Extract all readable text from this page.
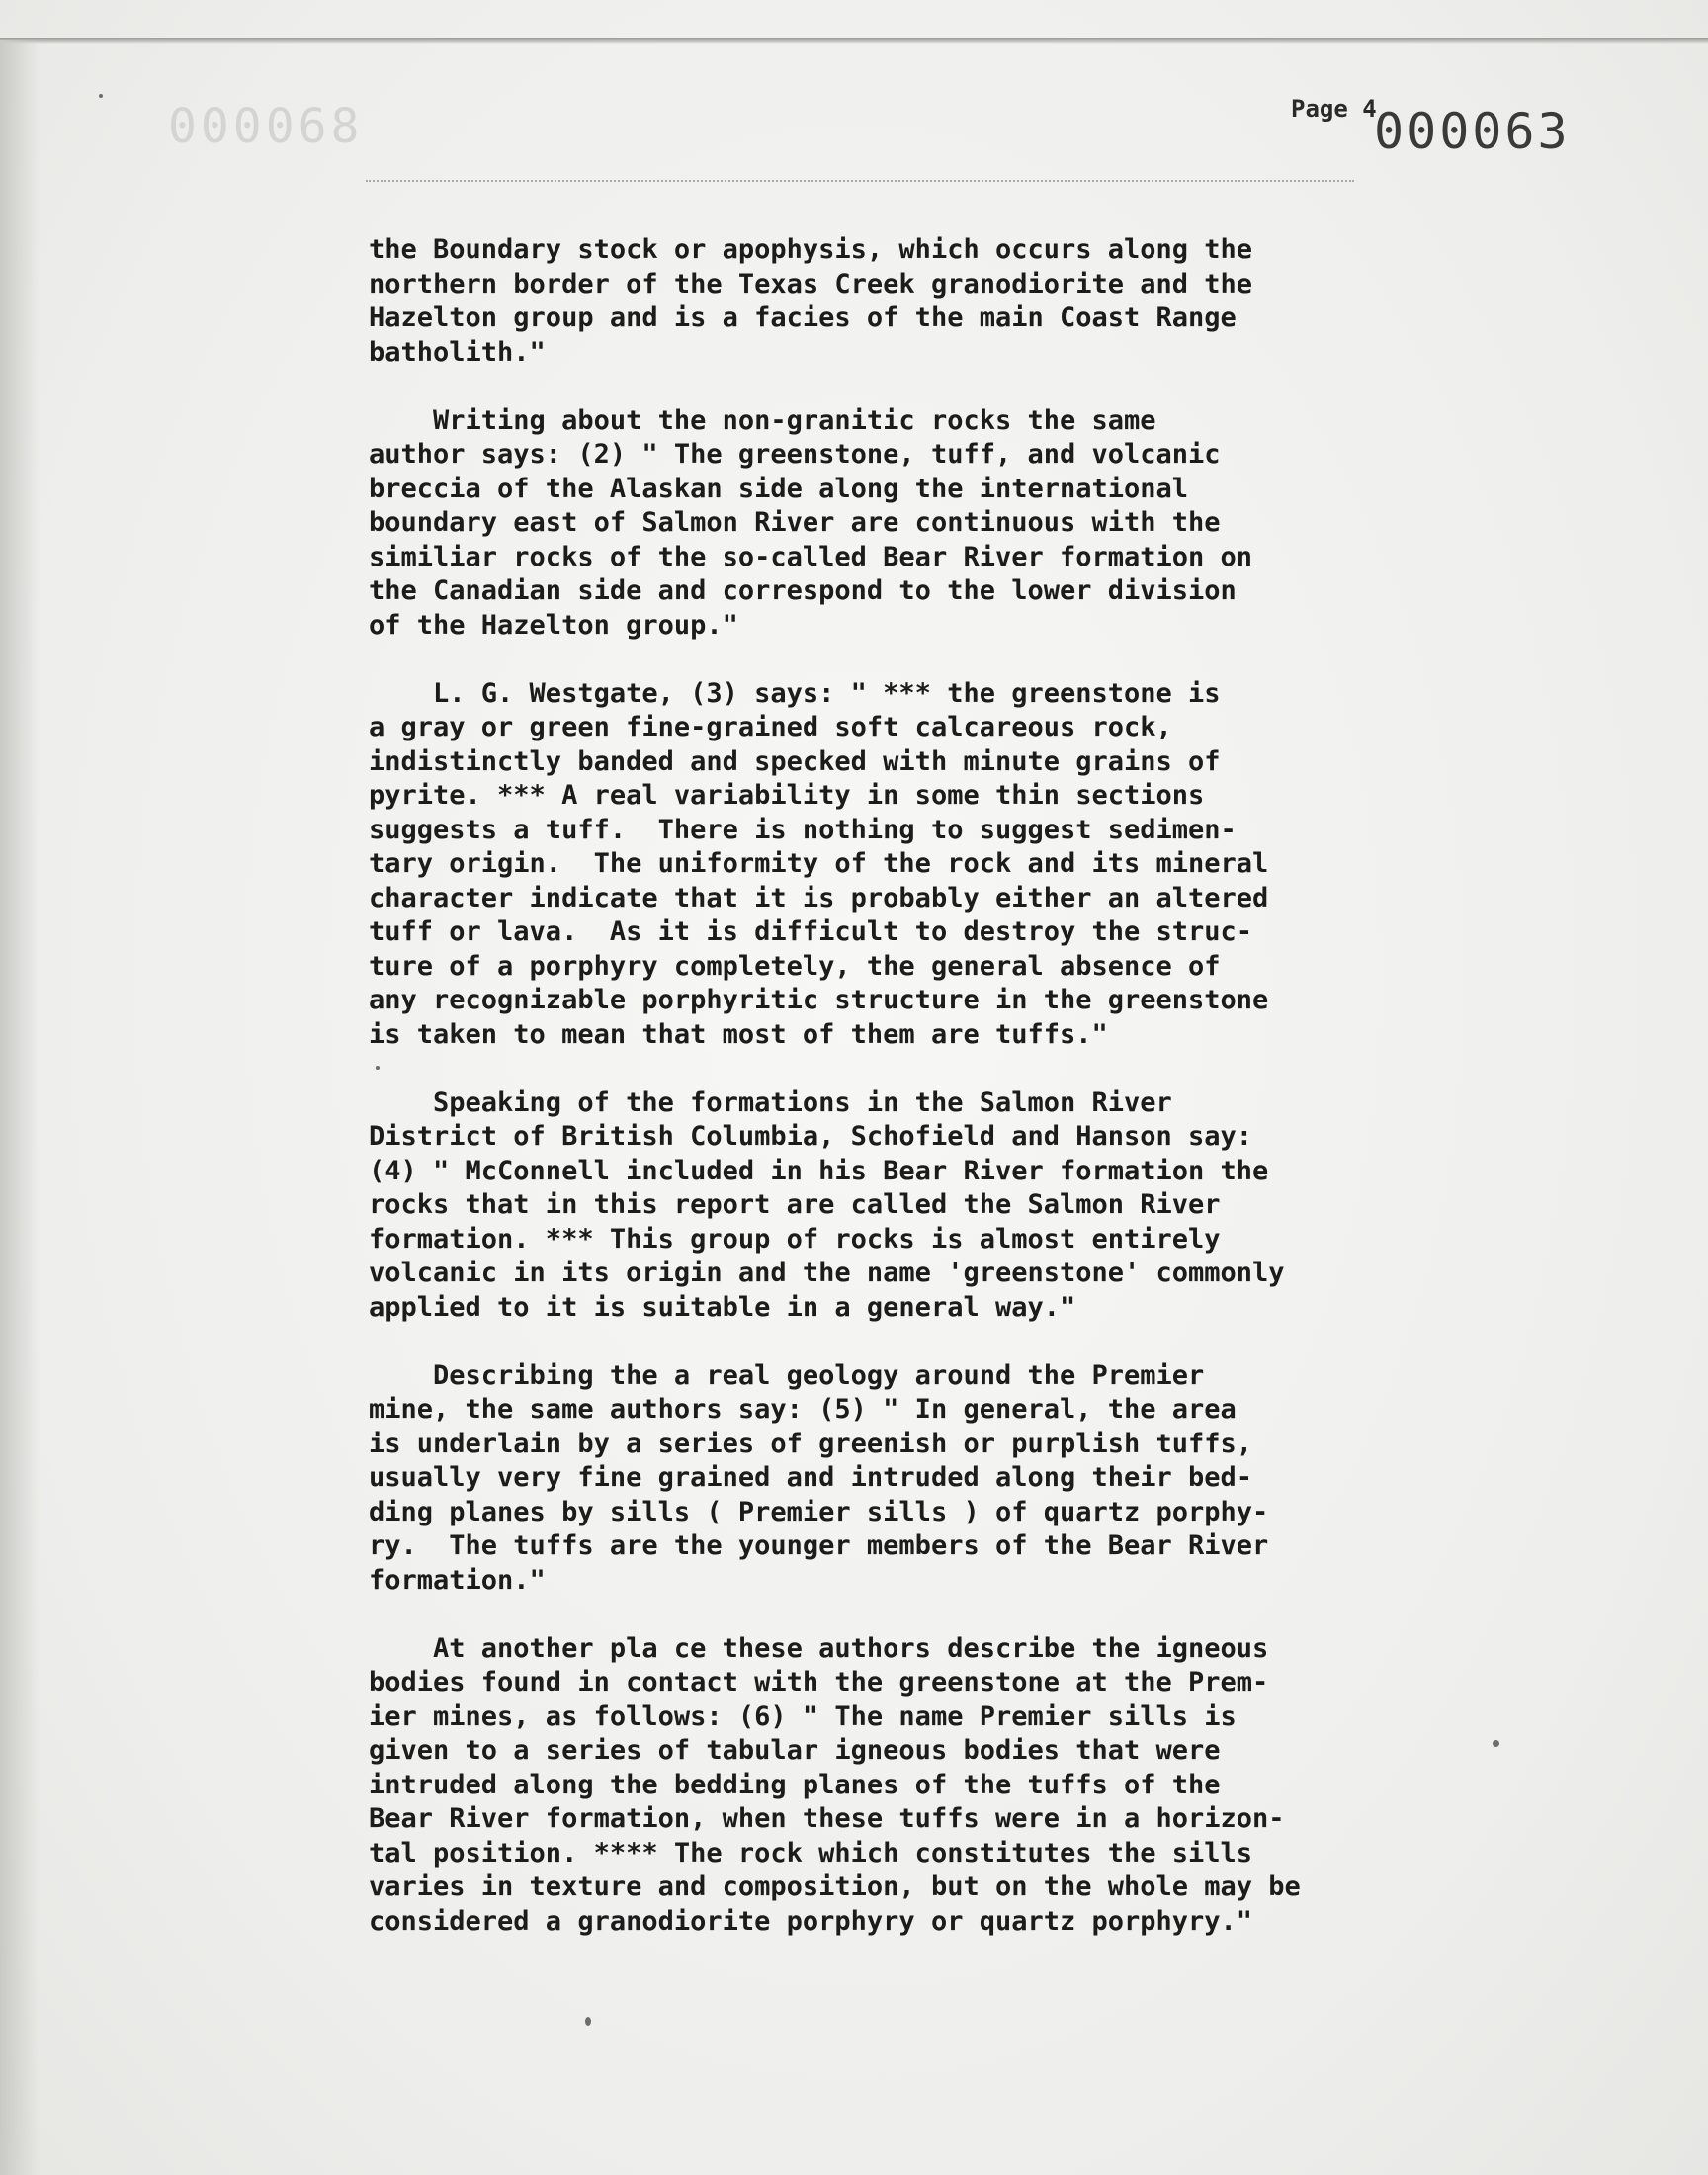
000068	Page 4
000063

the Boundary stock or apophysis, which occurs along the
northern border of the Texas Creek granodiorite and the
Hazelton group and is a facies of the main Coast Range
batholith."

Writing about the non-granitic rocks the same
author says: (2) " The greenstone, tuff, and volcanic
breccia of the Alaskan side along the international
boundary east of Salmon River are continuous with the
similiar rocks of the so-called Bear River formation on
the Canadian side and correspond to the lower division
of the Hazelton group."

L. G. Westgate, (3) says: " *** the greenstone is
a gray or green fine-grained soft calcareous rock,
indistinctly banded and specked with minute grains of
pyrite. *** A real variability in some thin sections
suggests a tuff.  There is nothing to suggest sedimen-
tary origin.  The uniformity of the rock and its mineral
character indicate that it is probably either an altered
tuff or lava.  As it is difficult to destroy the struc-
ture of a porphyry completely, the general absence of
any recognizable porphyritic structure in the greenstone
is taken to mean that most of them are tuffs."

Speaking of the formations in the Salmon River
District of British Columbia, Schofield and Hanson say:
(4) " McConnell included in his Bear River formation the
rocks that in this report are called the Salmon River
formation. *** This group of rocks is almost entirely
volcanic in its origin and the name 'greenstone' commonly
applied to it is suitable in a general way."

Describing the a real geology around the Premier
mine, the same authors say: (5) " In general, the area
is underlain by a series of greenish or purplish tuffs,
usually very fine grained and intruded along their bed-
ding planes by sills ( Premier sills ) of quartz porphy-
ry.  The tuffs are the younger members of the Bear River
formation."

At another pla ce these authors describe the igneous
bodies found in contact with the greenstone at the Prem-
ier mines, as follows: (6) " The name Premier sills is
given to a series of tabular igneous bodies that were
intruded along the bedding planes of the tuffs of the
Bear River formation, when these tuffs were in a horizon-
tal position. **** The rock which constitutes the sills
varies in texture and composition, but on the whole may be
considered a granodiorite porphyry or quartz porphyry."
